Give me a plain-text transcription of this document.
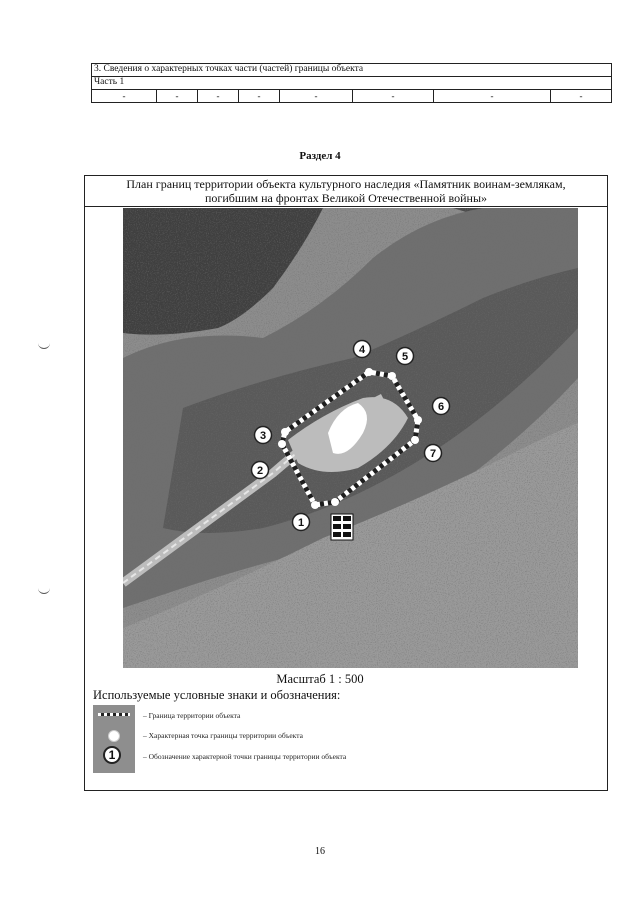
3. Сведения о характерных точках части (частей) границы объекта
Часть 1
-	-	-	-	-	-	-	-
Раздел 4
План границ территории объекта культурного наследия «Памятник воинам-землякам,
погибшим на фронтах Великой Отечественной войны»
1
2
3
4
5
6
7
Масштаб 1 : 500
Используемые условные знаки и обозначения:
1
– Граница территории объекта
– Характерная точка границы территории объекта
– Обозначение характерной точки границы территории объекта
16
